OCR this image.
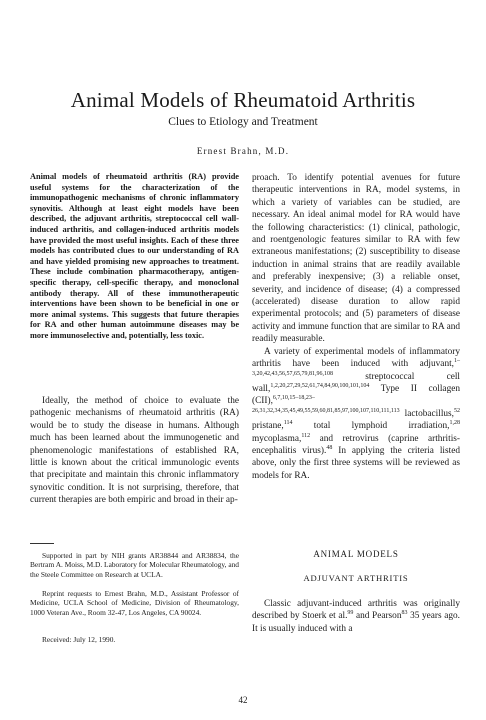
Animal Models of Rheumatoid Arthritis
Clues to Etiology and Treatment
Ernest Brahn, M.D.
Animal models of rheumatoid arthritis (RA) provide useful systems for the characterization of the immunopathogenic mechanisms of chronic inflammatory synovitis. Although at least eight models have been described, the adjuvant arthritis, streptococcal cell wall-induced arthritis, and collagen-induced arthritis models have provided the most useful insights. Each of these three models has contributed clues to our understanding of RA and have yielded promising new approaches to treatment. These include combination pharmacotherapy, antigen-specific therapy, cell-specific therapy, and monoclonal antibody therapy. All of these immunotherapeutic interventions have been shown to be beneficial in one or more animal systems. This suggests that future therapies for RA and other human autoimmune diseases may be more immunoselective and, potentially, less toxic.

Ideally, the method of choice to evaluate the pathogenic mechanisms of rheumatoid arthritis (RA) would be to study the disease in humans. Although much has been learned about the immunogenetic and phenomenologic manifestations of established RA, little is known about the critical immunologic events that precipitate and maintain this chronic inflammatory synovitic condition. It is not surprising, therefore, that current therapies are both empiric and broad in their ap-

Supported in part by NIH grants AR38844 and AR38834, the Bertram A. Moiss, M.D. Laboratory for Molecular Rheumatology, and the Steele Committee on Research at UCLA.
Reprint requests to Ernest Brahn, M.D., Assistant Professor of Medicine, UCLA School of Medicine, Division of Rheumatology, 1000 Veteran Ave., Room 32-47, Los Angeles, CA 90024.
Received: July 12, 1990.

proach. To identify potential avenues for future therapeutic interventions in RA, model systems, in which a variety of variables can be studied, are necessary. An ideal animal model for RA would have the following characteristics: (1) clinical, pathologic, and roentgenologic features similar to RA with few extraneous manifestations; (2) susceptibility to disease induction in animal strains that are readily available and preferably inexpensive; (3) a reliable onset, severity, and incidence of disease; (4) a compressed (accelerated) disease duration to allow rapid experimental protocols; and (5) parameters of disease activity and immune function that are similar to RA and readily measurable.

A variety of experimental models of inflammatory arthritis have been induced with adjuvant,$^{1-3,20,42,43,56,57,65,79,81,96,108}$ streptococcal cell wall,$^{1,2,20,27,29,52,61,74,84,90,100,101,104}$ Type II collagen (CII),$^{6,7,10,15-18,23-26,31,32,34,35,45,49,55,59,60,81,85,97,100,107,110,111,113}$ lactobacillus,$^{52}$ pristane,$^{114}$ total lymphoid irradiation,$^{1,28}$ mycoplasma,$^{112}$ and retrovirus (caprine arthritis-encephalitis virus).$^{48}$ In applying the criteria listed above, only the first three systems will be reviewed as models for RA.

ANIMAL MODELS
ADJUVANT ARTHRITIS

Classic adjuvant-induced arthritis was originally described by Stoerk et al.$^{99}$ and Pearson$^{83}$ 35 years ago. It is usually induced with a

42
